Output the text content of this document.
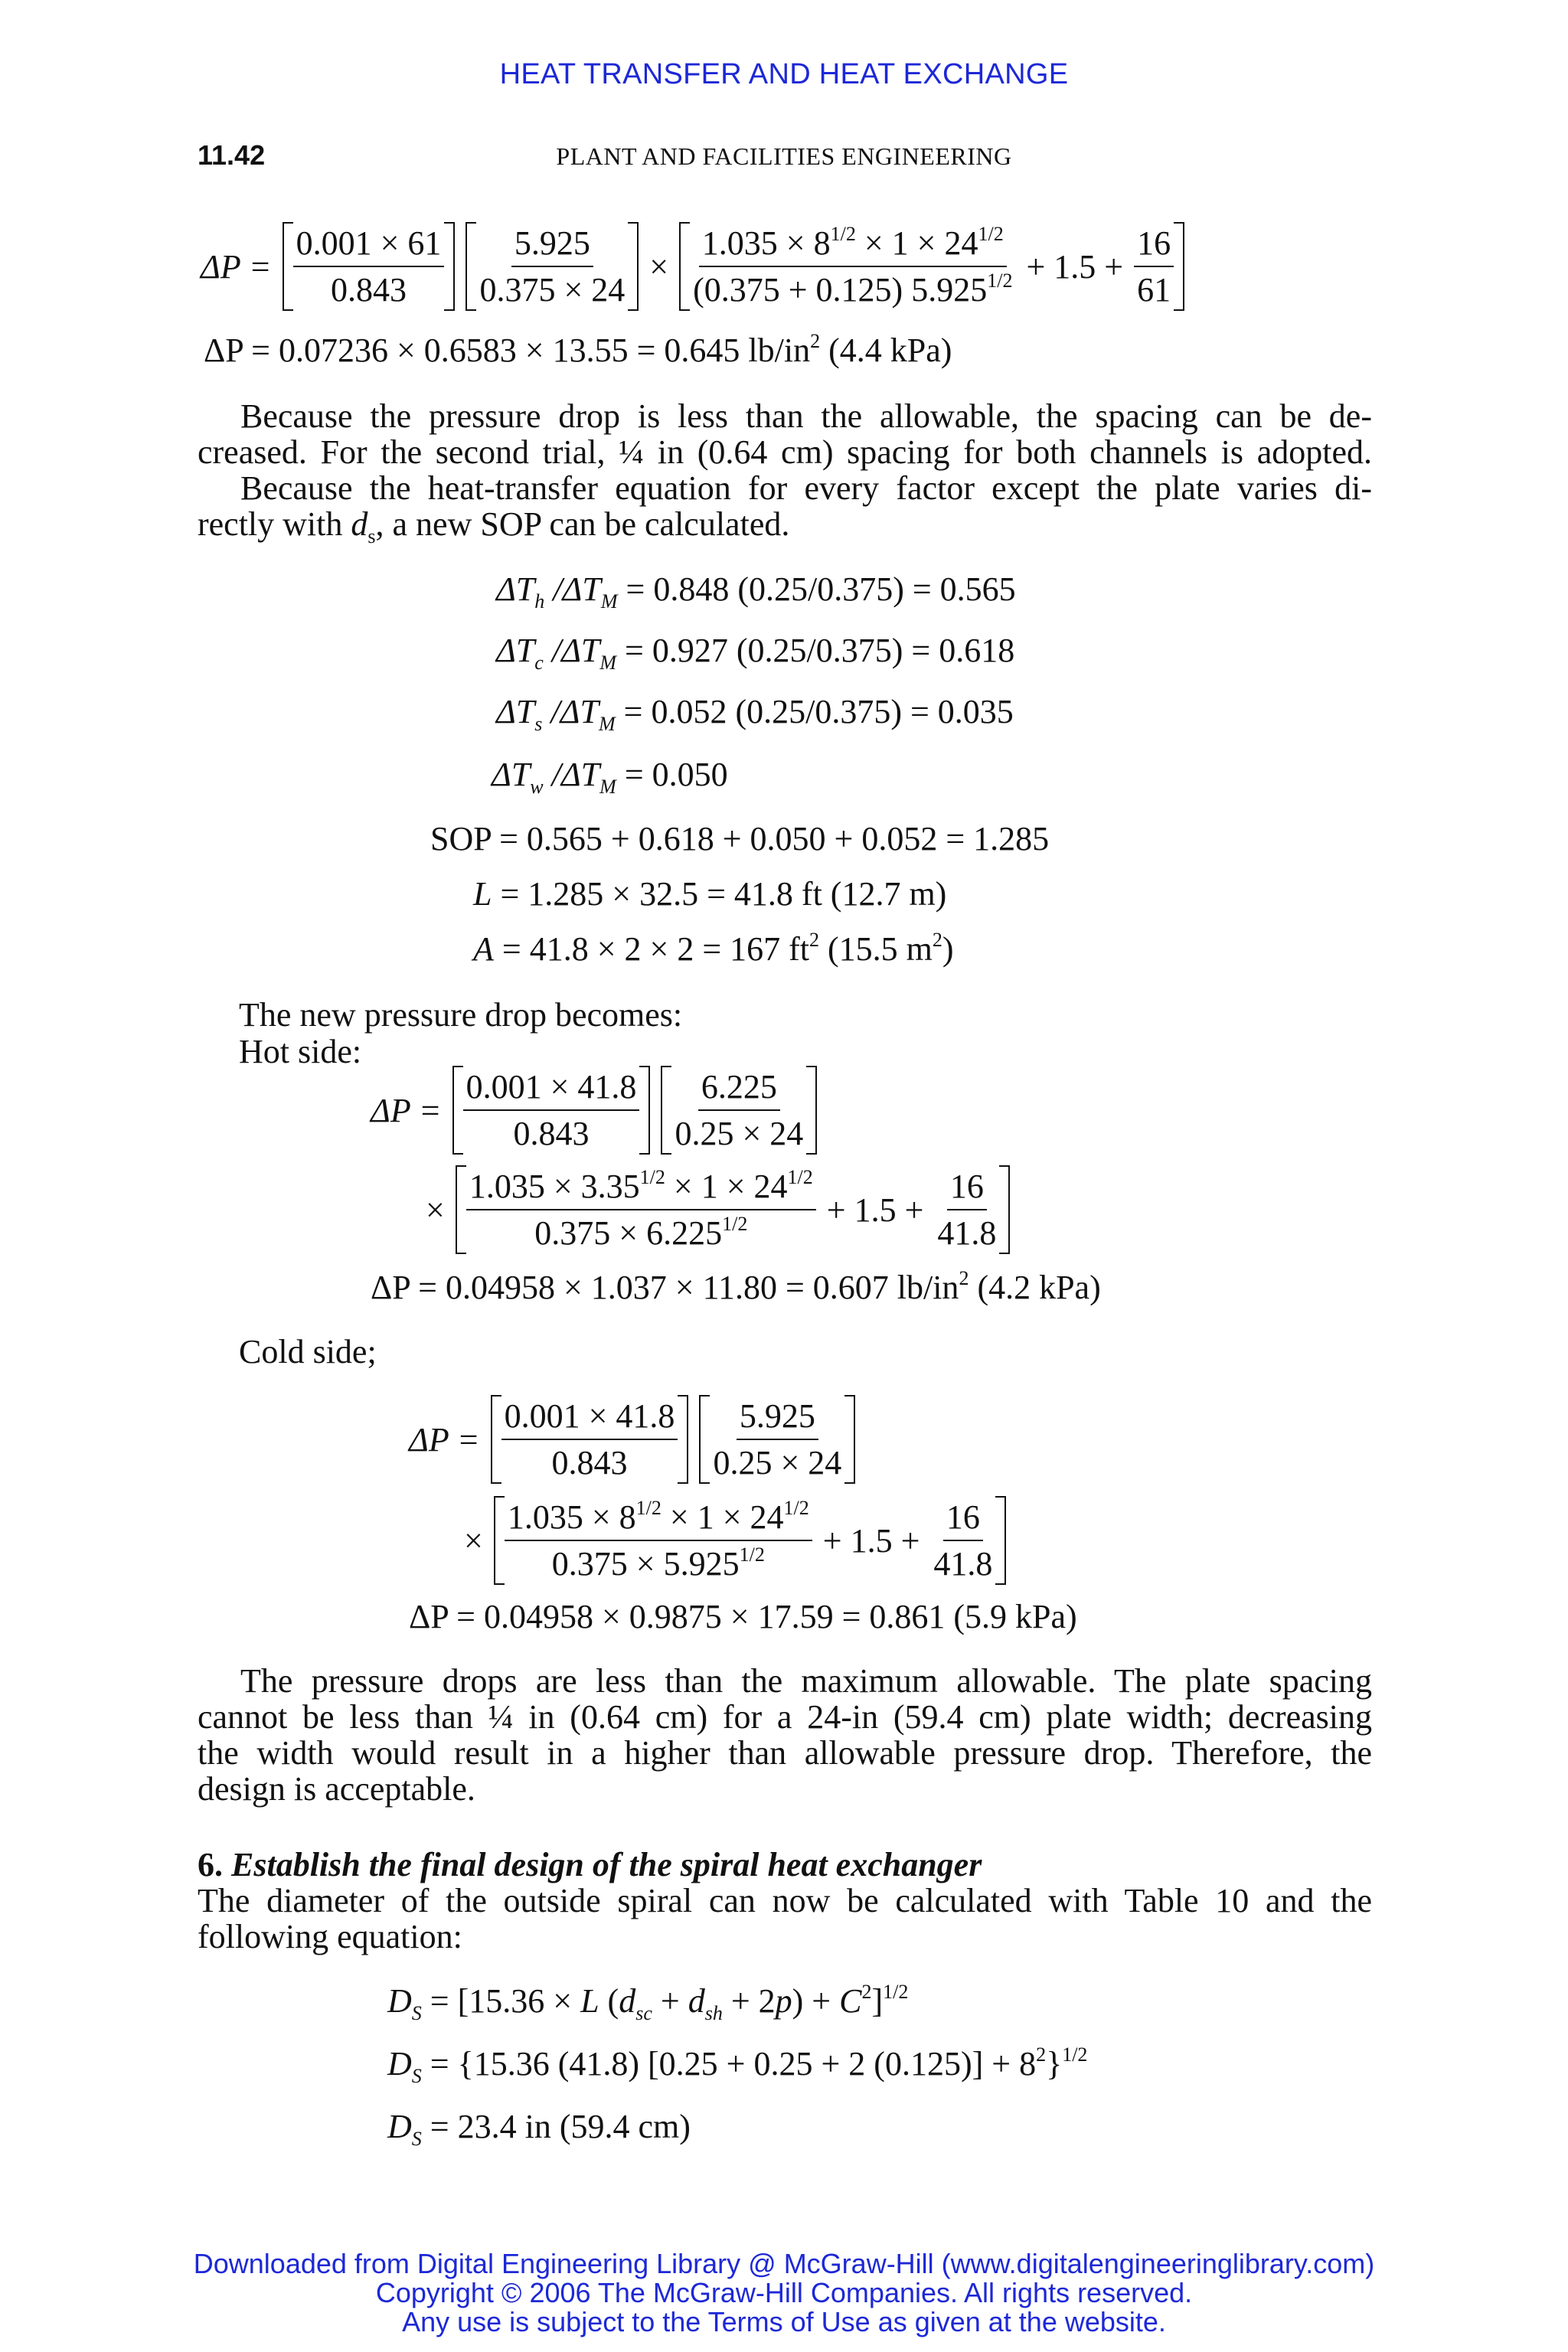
HEAT TRANSFER AND HEAT EXCHANGE
11.42	PLANT AND FACILITIES ENGINEERING
$\Delta P = \frac{0.001 \times 61}{0.843} \frac{5.925}{0.375 \times 24} \times \frac{1.035 \times 8^{1/2} \times 1 \times 24^{1/2}}{(0.375 + 0.125) 5.925^{1/2}} + 1.5 + \frac{16}{61}$
ΔP = 0.07236 × 0.6583 × 13.55 = 0.645 $lb/in^2$ (4.4 kPa)
Because the pressure drop is less than the allowable, the spacing can be de-
creased. For the second trial, ¼ in (0.64 cm) spacing for both channels is adopted.
Because the heat-transfer equation for every factor except the plate varies di-
rectly with $d_s$, a new SOP can be calculated.
$\Delta T_h$ $/\Delta T_M = 0.848$ (0.25/0.375) = 0.565
$\Delta T_c$ $/\Delta T_M = 0.927$ (0.25/0.375) = 0.618
$\Delta T_s$ $/\Delta T_M = 0.052$ (0.25/0.375) = 0.035
$\Delta T_w$ $/\Delta T_M = 0.050$
SOP = 0.565 + 0.618 + 0.050 + 0.052 = 1.285
L = 1.285 × 32.5 = 41.8 ft (12.7 m)
A = 41.8 × 2 × 2 = 167 $ft^2$ (15.5 $m^2$)
The new pressure drop becomes:
Hot side:
$\Delta P = \frac{0.001 \times 41.8}{0.843} \frac{6.225}{0.25 \times 24}$
× $\frac{1.035 \times 3.35^{1/2} \times 1 \times 24^{1/2}}{0.375 \times 6.225^{1/2}} + 1.5 + \frac{16}{41.8}$
ΔP = 0.04958 × 1.037 × 11.80 = 0.607 $lb/in^2$ (4.2 kPa)
Cold side;
$\Delta P = \frac{0.001 \times 41.8}{0.843} \frac{5.925}{0.25 \times 24}$
× $\frac{1.035 \times 8^{1/2} \times 1 \times 24^{1/2}}{0.375 \times 5.925^{1/2}} + 1.5 + \frac{16}{41.8}$
ΔP = 0.04958 × 0.9875 × 17.59 = 0.861 (5.9 kPa)
The pressure drops are less than the maximum allowable. The plate spacing
cannot be less than ¼ in (0.64 cm) for a 24-in (59.4 cm) plate width; decreasing
the width would result in a higher than allowable pressure drop. Therefore, the
design is acceptable.
6. Establish the final design of the spiral heat exchanger
The diameter of the outside spiral can now be calculated with Table 10 and the
following equation:
$D_S = [15.36 \times L$ $(d_{sc} + d_{sh} + 2p) + C^2]^{1/2}$
$D_S = \{15.36$ (41.8) [0.25 + 0.25 + 2 $(0.125)] + 8^2\}^{1/2}$
$D_S = 23.4$ in (59.4 cm)
Downloaded from Digital Engineering Library @ McGraw-Hill (www.digitalengineeringlibrary.com)
Copyright © 2006 The McGraw-Hill Companies. All rights reserved.
Any use is subject to the Terms of Use as given at the website.
